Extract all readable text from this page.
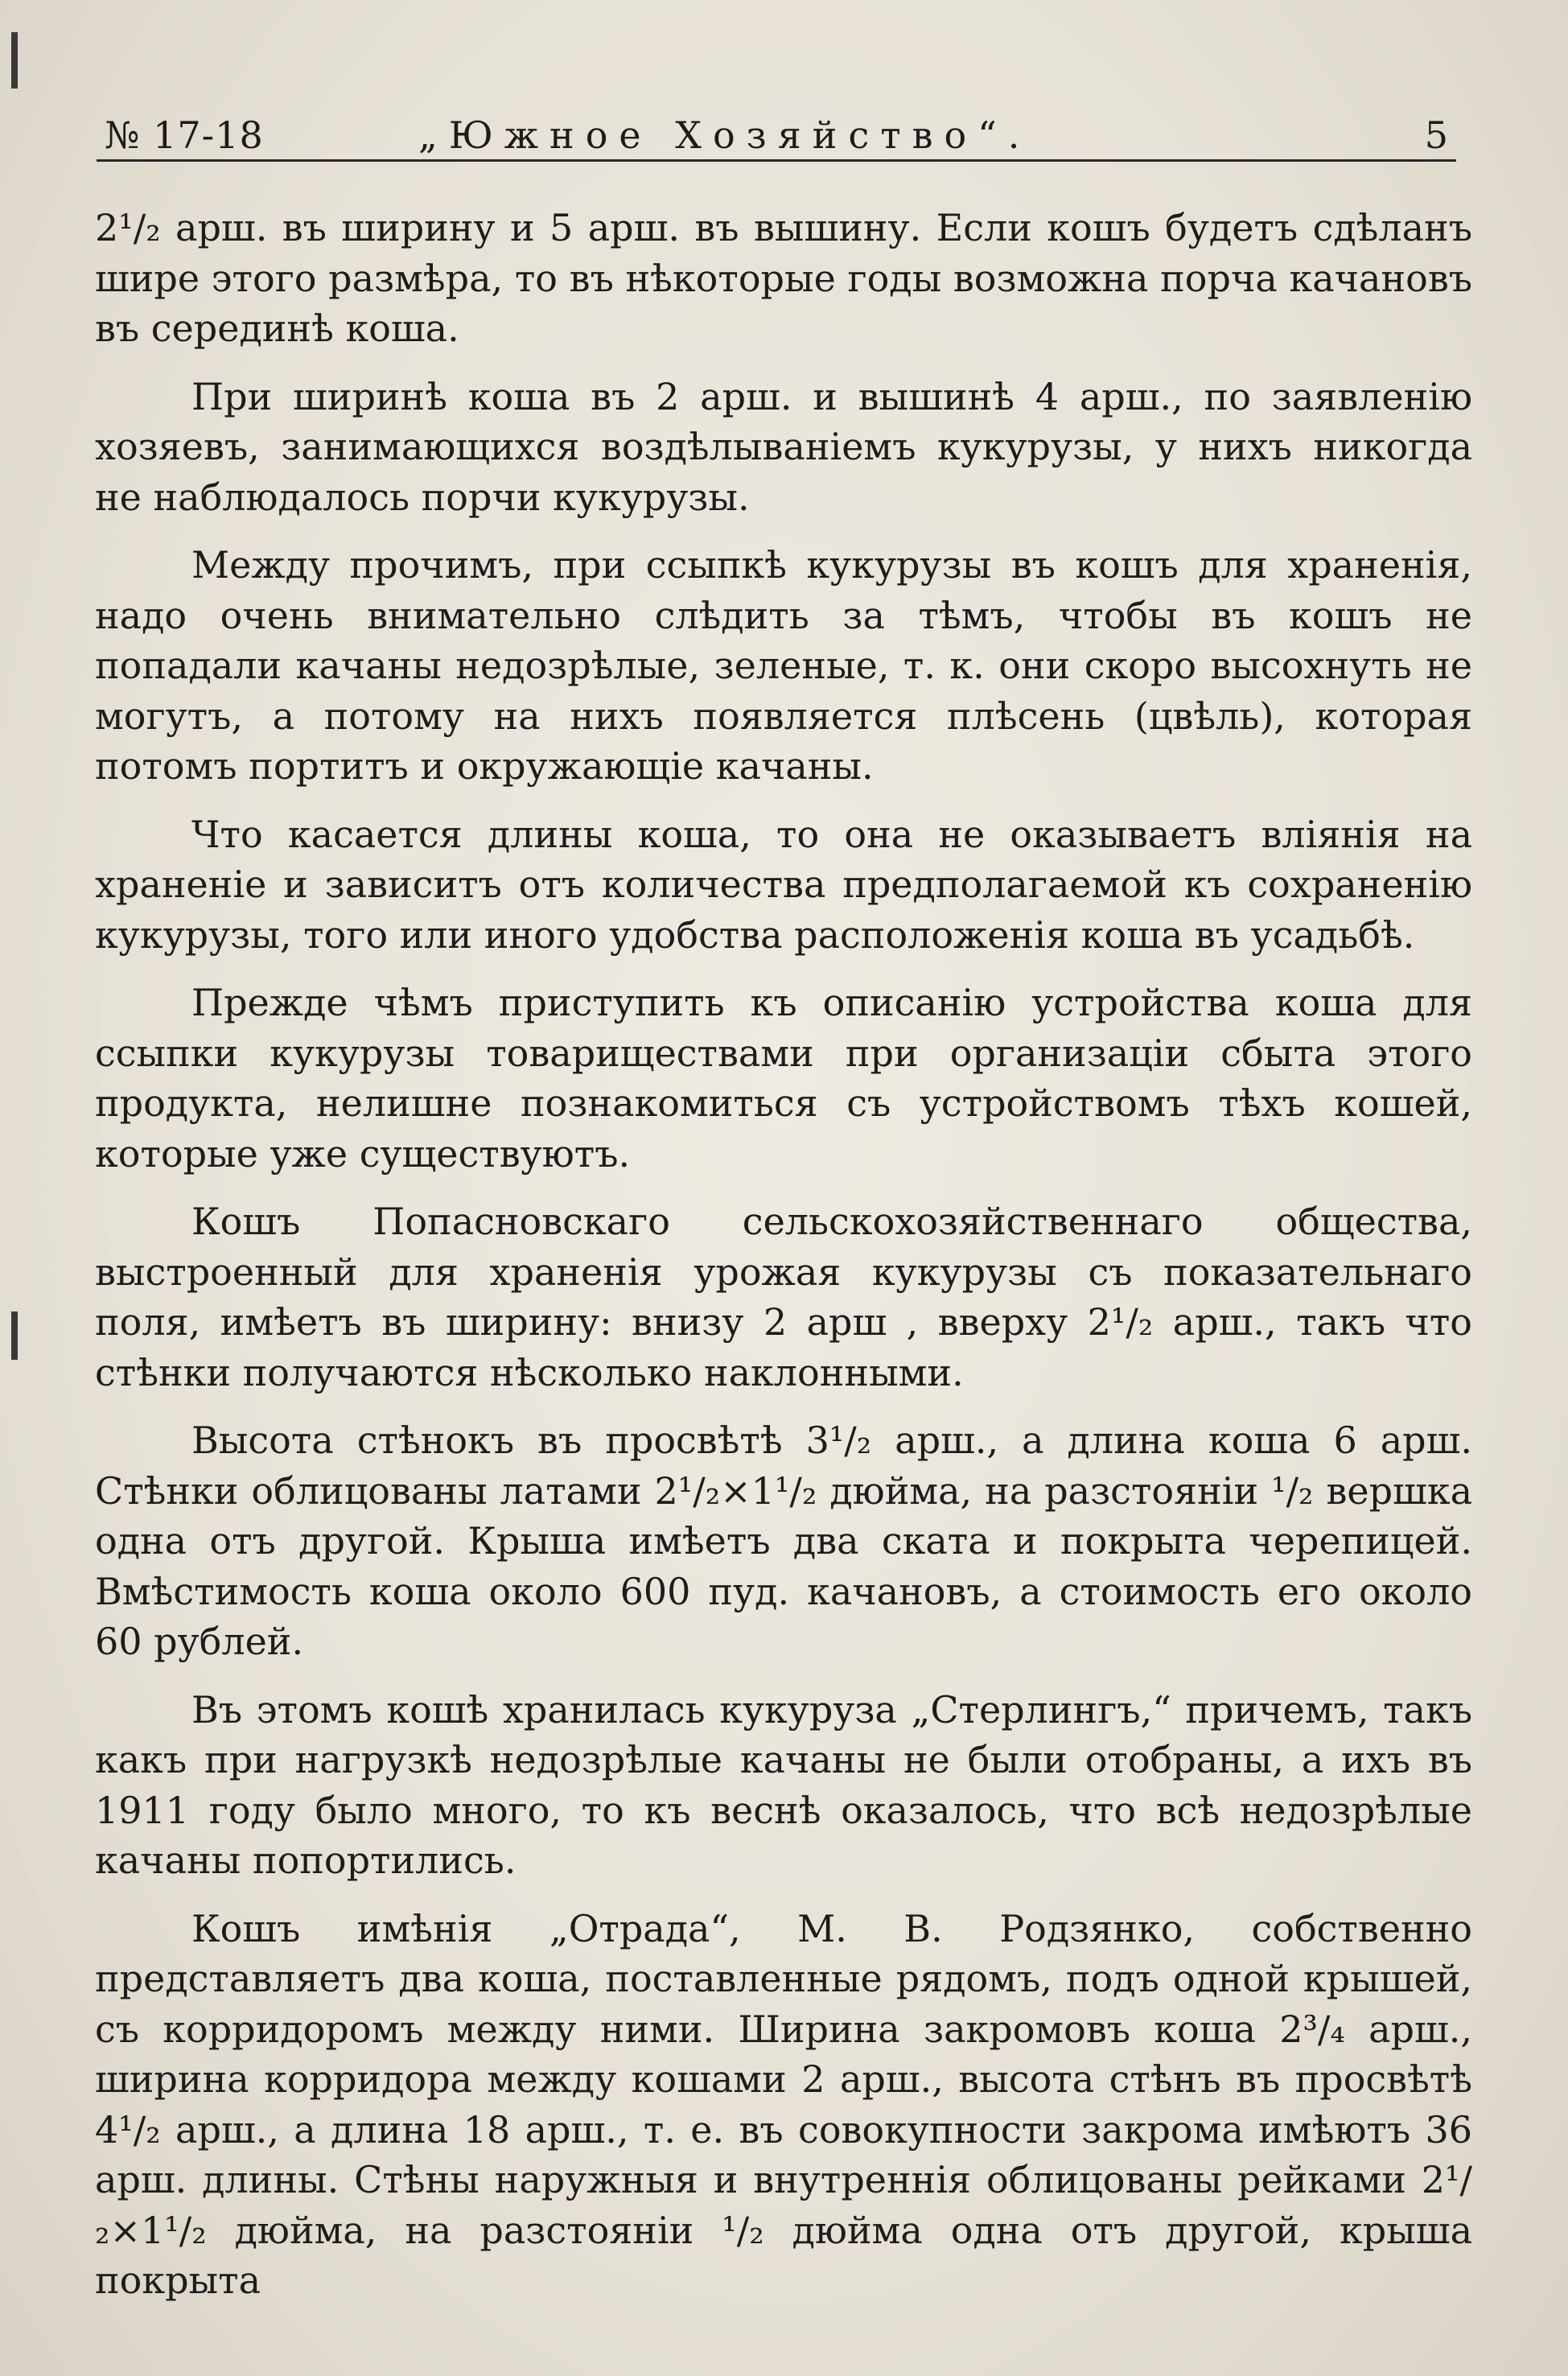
№ 17-18	„Южное Хозяйство“.	5

2¹/₂ арш. въ ширину и 5 арш. въ вышину. Если кошъ будетъ сдѣланъ шире этого размѣра, то въ нѣкоторые годы возможна порча качановъ въ серединѣ коша.

При ширинѣ коша въ 2 арш. и вышинѣ 4 арш., по заявленію хозяевъ, занимающихся воздѣлываніемъ кукурузы, у нихъ никогда не наблюдалось порчи кукурузы.

Между прочимъ, при ссыпкѣ кукурузы въ кошъ для храненія, надо очень внимательно слѣдить за тѣмъ, чтобы въ кошъ не попадали качаны недозрѣлые, зеленые, т. к. они скоро высохнуть не могутъ, а потому на нихъ появляется плѣсень (цвѣль), которая потомъ портитъ и окружающіе качаны.

Что касается длины коша, то она не оказываетъ вліянія на храненіе и зависитъ отъ количества предполагаемой къ сохраненію кукурузы, того или иного удобства расположенія коша въ усадьбѣ.

Прежде чѣмъ приступить къ описанію устройства коша для ссыпки кукурузы товариществами при организаціи сбыта этого продукта, нелишне познакомиться съ устройствомъ тѣхъ кошей, которые уже существуютъ.

Кошъ Попасновскаго сельскохозяйственнаго общества, выстроенный для храненія урожая кукурузы съ показательнаго поля, имѣетъ въ ширину: внизу 2 арш , вверху 2¹/₂ арш., такъ что стѣнки получаются нѣсколько наклонными.

Высота стѣнокъ въ просвѣтѣ 3¹/₂ арш., а длина коша 6 арш. Стѣнки облицованы латами 2¹/₂×1¹/₂ дюйма, на разстояніи ¹/₂ вершка одна отъ другой. Крыша имѣетъ два ската и покрыта черепицей. Вмѣстимость коша около 600 пуд. качановъ, а стоимость его около 60 рублей.

Въ этомъ кошѣ хранилась кукуруза „Стерлингъ,“ причемъ, такъ какъ при нагрузкѣ недозрѣлые качаны не были отобраны, а ихъ въ 1911 году было много, то къ веснѣ оказалось, что всѣ недозрѣлые качаны попортились.

Кошъ имѣнія „Отрада“, М. В. Родзянко, собственно представляетъ два коша, поставленные рядомъ, подъ одной крышей, съ корридоромъ между ними. Ширина закромовъ коша 2³/₄ арш., ширина корридора между кошами 2 арш., высота стѣнъ въ просвѣтѣ 4¹/₂ арш., а длина 18 арш., т. е. въ совокупности закрома имѣютъ 36 арш. длины. Стѣны наружныя и внутреннія облицованы рейками 2¹/₂×1¹/₂ дюйма, на разстояніи ¹/₂ дюйма одна отъ другой, крыша покрыта
